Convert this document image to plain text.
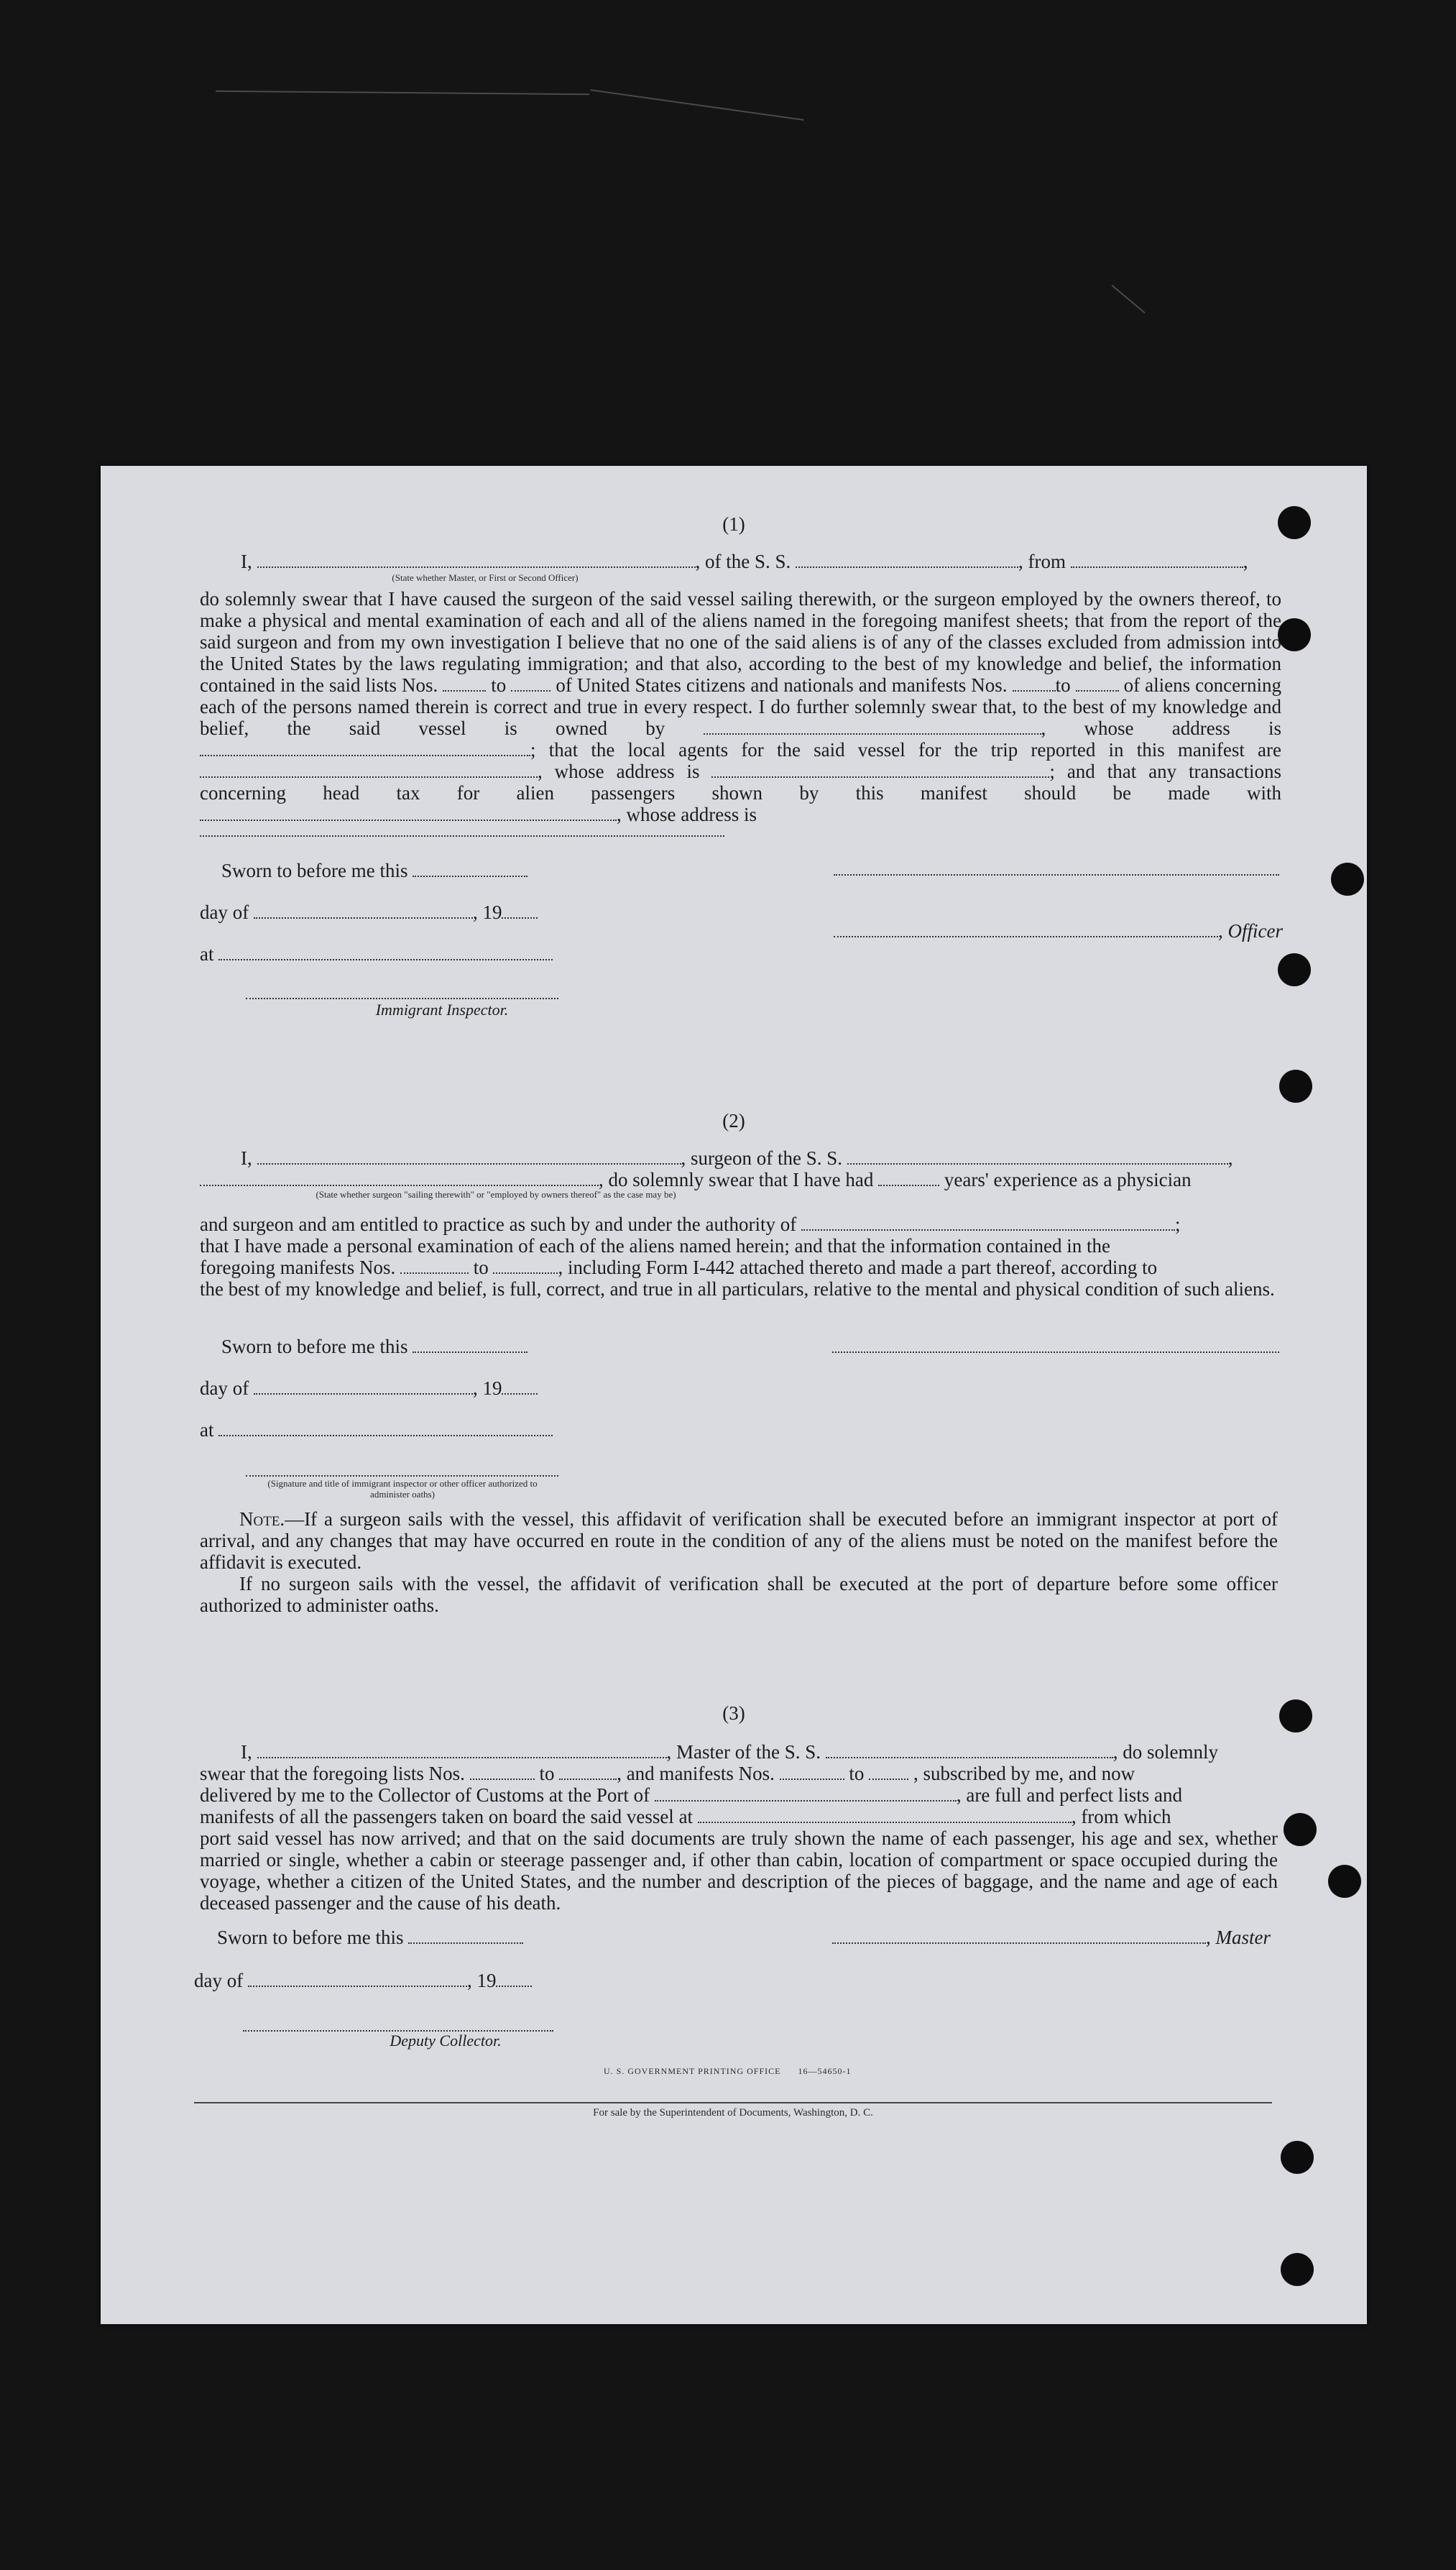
(1)
I,	, of the S. S.	, from	,
(State whether Master, or First or Second Officer)
do solemnly swear that I have caused the surgeon of the said vessel sailing therewith, or the surgeon employed by the owners thereof, to make a physical and mental examination of each and all of the aliens named in the foregoing manifest sheets; that from the report of the said surgeon and from my own investigation I believe that no one of the said aliens is of any of the classes excluded from admission into the United States by the laws regulating immigration; and that also, according to the best of my knowledge and belief, the information contained in the said lists Nos.	to	of United States citizens and nationals and manifests Nos. to	of aliens concerning each of the persons named therein is correct and true in every respect. I do further solemnly swear that, to the best of my knowledge and belief, the said vessel is owned by	, whose address is ; that the local agents for the said vessel for the trip reported in this manifest are , whose address is	; and that any transactions concerning head tax for alien passengers shown by this manifest should be made with , whose address is
Sworn to before me this
day of	, 19
, Officer
at
Immigrant Inspector.
(2)
I,	, surgeon of the S. S.	,
, do solemnly swear that I have had	years' experience as a physician
(State whether surgeon "sailing therewith" or "employed by owners thereof" as the case may be)
and surgeon and am entitled to practice as such by and under the authority of	;
that I have made a personal examination of each of the aliens named herein; and that the information contained in the
foregoing manifests Nos.	to	, including Form I-442 attached thereto and made a part thereof, according to
the best of my knowledge and belief, is full, correct, and true in all particulars, relative to the mental and physical condition of such aliens.
Sworn to before me this
day of	, 19
at
(Signature and title of immigrant inspector or other officer authorized to administer oaths)
Note.—If a surgeon sails with the vessel, this affidavit of verification shall be executed before an immigrant inspector at port of arrival, and any changes that may have occurred en route in the condition of any of the aliens must be noted on the manifest before the affidavit is executed.
If no surgeon sails with the vessel, the affidavit of verification shall be executed at the port of departure before some officer authorized to administer oaths.
(3)
I,	, Master of the S. S.	, do solemnly
swear that the foregoing lists Nos.	to	, and manifests Nos.	to	, subscribed by me, and now
delivered by me to the Collector of Customs at the Port of	, are full and perfect lists and
manifests of all the passengers taken on board the said vessel at	, from which
port said vessel has now arrived; and that on the said documents are truly shown the name of each passenger, his age and sex, whether married or single, whether a cabin or steerage passenger and, if other than cabin, location of compartment or space occupied during the voyage, whether a citizen of the United States, and the number and description of the pieces of baggage, and the name and age of each deceased passenger and the cause of his death.
Sworn to before me this	, Master
day of	, 19
Deputy Collector.
U. S. GOVERNMENT PRINTING OFFICE 16—54650-1
For sale by the Superintendent of Documents, Washington, D. C.
